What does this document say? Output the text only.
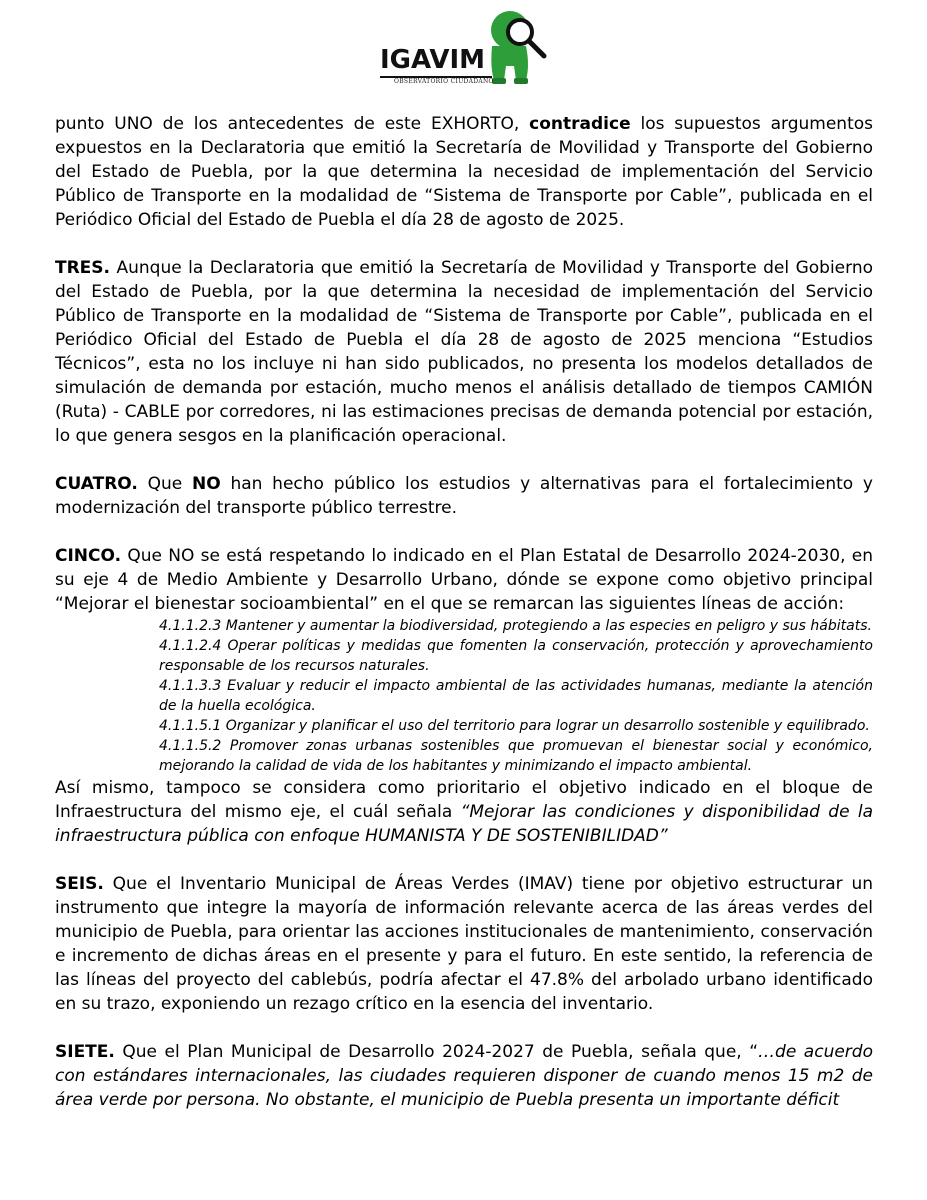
IGAVIM
OBSERVATORIO CIUDADANO

punto UNO de los antecedentes de este EXHORTO, contradice los supuestos argumentos expuestos en la Declaratoria que emitió la Secretaría de Movilidad y Transporte del Gobierno del Estado de Puebla, por la que determina la necesidad de implementación del Servicio Público de Transporte en la modalidad de “Sistema de Transporte por Cable”, publicada en el Periódico Oficial del Estado de Puebla el día 28 de agosto de 2025.

TRES. Aunque la Declaratoria que emitió la Secretaría de Movilidad y Transporte del Gobierno del Estado de Puebla, por la que determina la necesidad de implementación del Servicio Público de Transporte en la modalidad de “Sistema de Transporte por Cable”, publicada en el Periódico Oficial del Estado de Puebla el día 28 de agosto de 2025 menciona “Estudios Técnicos”, esta no los incluye ni han sido publicados, no presenta los modelos detallados de simulación de demanda por estación, mucho menos el análisis detallado de tiempos CAMIÓN (Ruta) - CABLE por corredores, ni las estimaciones precisas de demanda potencial por estación, lo que genera sesgos en la planificación operacional.

CUATRO. Que NO han hecho público los estudios y alternativas para el fortalecimiento y modernización del transporte público terrestre.

CINCO. Que NO se está respetando lo indicado en el Plan Estatal de Desarrollo 2024-2030, en su eje 4 de Medio Ambiente y Desarrollo Urbano, dónde se expone como objetivo principal “Mejorar el bienestar socioambiental” en el que se remarcan las siguientes líneas de acción:

4.1.1.2.3 Mantener y aumentar la biodiversidad, protegiendo a las especies en peligro y sus hábitats.

4.1.1.2.4 Operar políticas y medidas que fomenten la conservación, protección y aprovechamiento responsable de los recursos naturales.

4.1.1.3.3 Evaluar y reducir el impacto ambiental de las actividades humanas, mediante la atención de la huella ecológica.

4.1.1.5.1 Organizar y planificar el uso del territorio para lograr un desarrollo sostenible y equilibrado.

4.1.1.5.2 Promover zonas urbanas sostenibles que promuevan el bienestar social y económico, mejorando la calidad de vida de los habitantes y minimizando el impacto ambiental.

Así mismo, tampoco se considera como prioritario el objetivo indicado en el bloque de Infraestructura del mismo eje, el cuál señala “Mejorar las condiciones y disponibilidad de la infraestructura pública con enfoque HUMANISTA Y DE SOSTENIBILIDAD”

SEIS. Que el Inventario Municipal de Áreas Verdes (IMAV) tiene por objetivo estructurar un instrumento que integre la mayoría de información relevante acerca de las áreas verdes del municipio de Puebla, para orientar las acciones institucionales de mantenimiento, conservación e incremento de dichas áreas en el presente y para el futuro. En este sentido, la referencia de las líneas del proyecto del cablebús, podría afectar el 47.8% del arbolado urbano identificado en su trazo, exponiendo un rezago crítico en la esencia del inventario.

SIETE. Que el Plan Municipal de Desarrollo 2024-2027 de Puebla, señala que, “…de acuerdo con estándares internacionales, las ciudades requieren disponer de cuando menos 15 m2 de área verde por persona. No obstante, el municipio de Puebla presenta un importante déficit
